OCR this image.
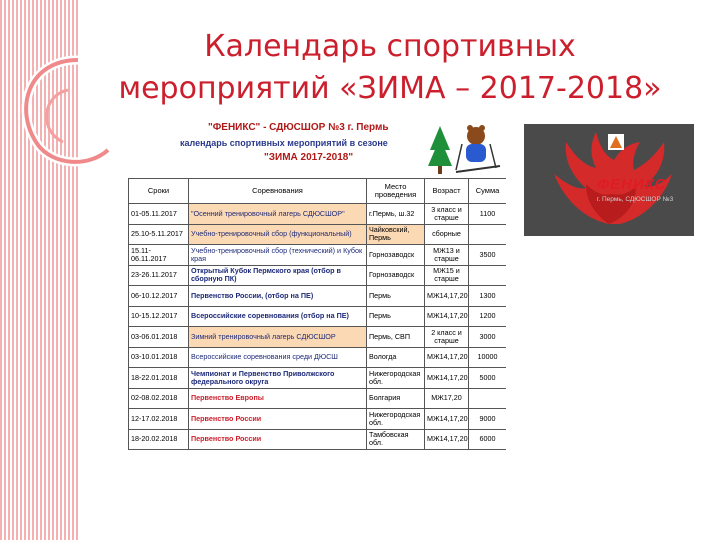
Календарь спортивных
мероприятий «ЗИМА – 2017-2018»
"ФЕНИКС" - СДЮСШОР №3 г. Пермь
календарь спортивных мероприятий в сезоне
"ЗИМА 2017-2018"
Сроки	Соревнования	Место проведения	Возраст	Сумма
01-05.11.2017	"Осенний тренировочный лагерь СДЮСШОР"	г.Пермь, ш.32	3 класс и старше	1100
25.10-5.11.2017	Учебно-тренировочный сбор (функциональный)	Чайковский, Пермь	сборные	
15.11-06.11.2017	Учебно-тренировочный сбор (технический) и Кубок края	Горнозаводск	МЖ13 и старше	3500
23-26.11.2017	Открытый Кубок Пермского края (отбор в сборную ПК)	Горнозаводск	МЖ15 и старше	
06-10.12.2017	Первенство России, (отбор на ПЕ)	Пермь	МЖ14,17,20	1300
10-15.12.2017	Всероссийские соревнования (отбор на ПЕ)	Пермь	МЖ14,17,20	1200
03-06.01.2018	Зимний тренировочный лагерь СДЮСШОР	Пермь, СВП	2 класс и старше	3000
03-10.01.2018	Всероссийские соревнования среди ДЮСШ	Вологда	МЖ14,17,20	10000
18-22.01.2018	Чемпионат и Первенство Приволжского федерального округа	Нижегородская обл.	МЖ14,17,20	5000
02-08.02.2018	Первенство Европы	Болгария	МЖ17,20	
12-17.02.2018	Первенство России	Нижегородская обл.	МЖ14,17,20	9000
18-20.02.2018	Первенство России	Тамбовская обл.	МЖ14,17,20	6000
ФЕНИКС
г. Пермь, СДЮСШОР №3
